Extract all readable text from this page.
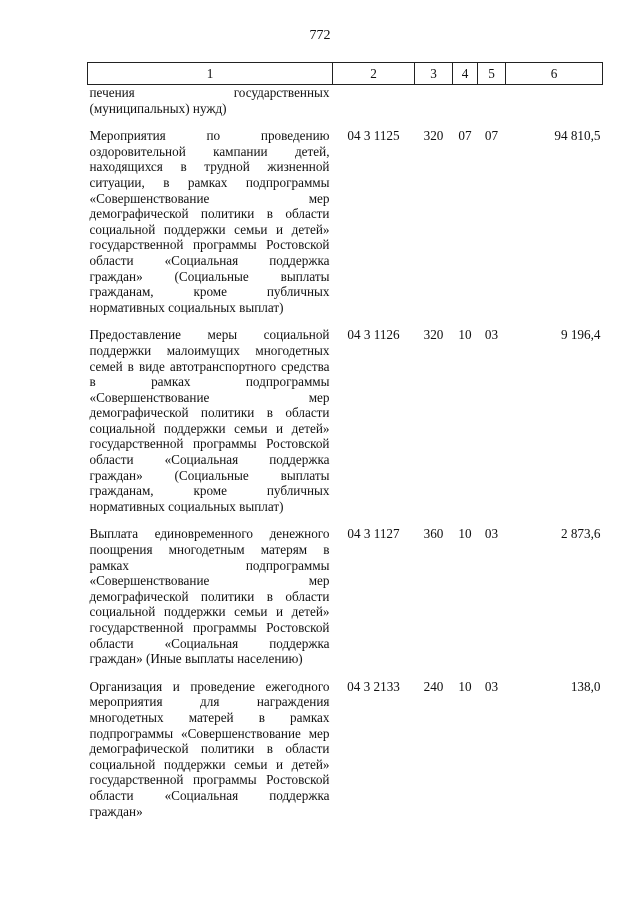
772
1	2	3	4	5	6
печения государственных (муниципальных) нужд)					

Мероприятия по проведению оздоровительной кампании детей, находящихся в трудной жизненной ситуации, в рамках подпрограммы «Совершенствование мер демографической политики в области социальной поддержки семьи и детей» государственной программы Ростовской области «Социальная поддержка граждан» (Социальные выплаты гражданам, кроме публичных нормативных социальных выплат)	04 3 1125	320	07	07	94 810,5

Предоставление меры социальной поддержки малоимущих многодетных семей в виде автотранспортного средства в рамках подпрограммы «Совершенствование мер демографической политики в области социальной поддержки семьи и детей» государственной программы Ростовской области «Социальная поддержка граждан» (Социальные выплаты гражданам, кроме публичных нормативных социальных выплат)	04 3 1126	320	10	03	9 196,4

Выплата единовременного денежного поощрения многодетным матерям в рамках подпрограммы «Совершенствование мер демографической политики в области социальной поддержки семьи и детей» государственной программы Ростовской области «Социальная поддержка граждан» (Иные выплаты населению)	04 3 1127	360	10	03	2 873,6

Организация и проведение ежегодного мероприятия для награждения многодетных матерей в рамках подпрограммы «Совершенствование мер демографической политики в области социальной поддержки семьи и детей» государственной программы Ростовской области «Социальная поддержка граждан»	04 3 2133	240	10	03	138,0
